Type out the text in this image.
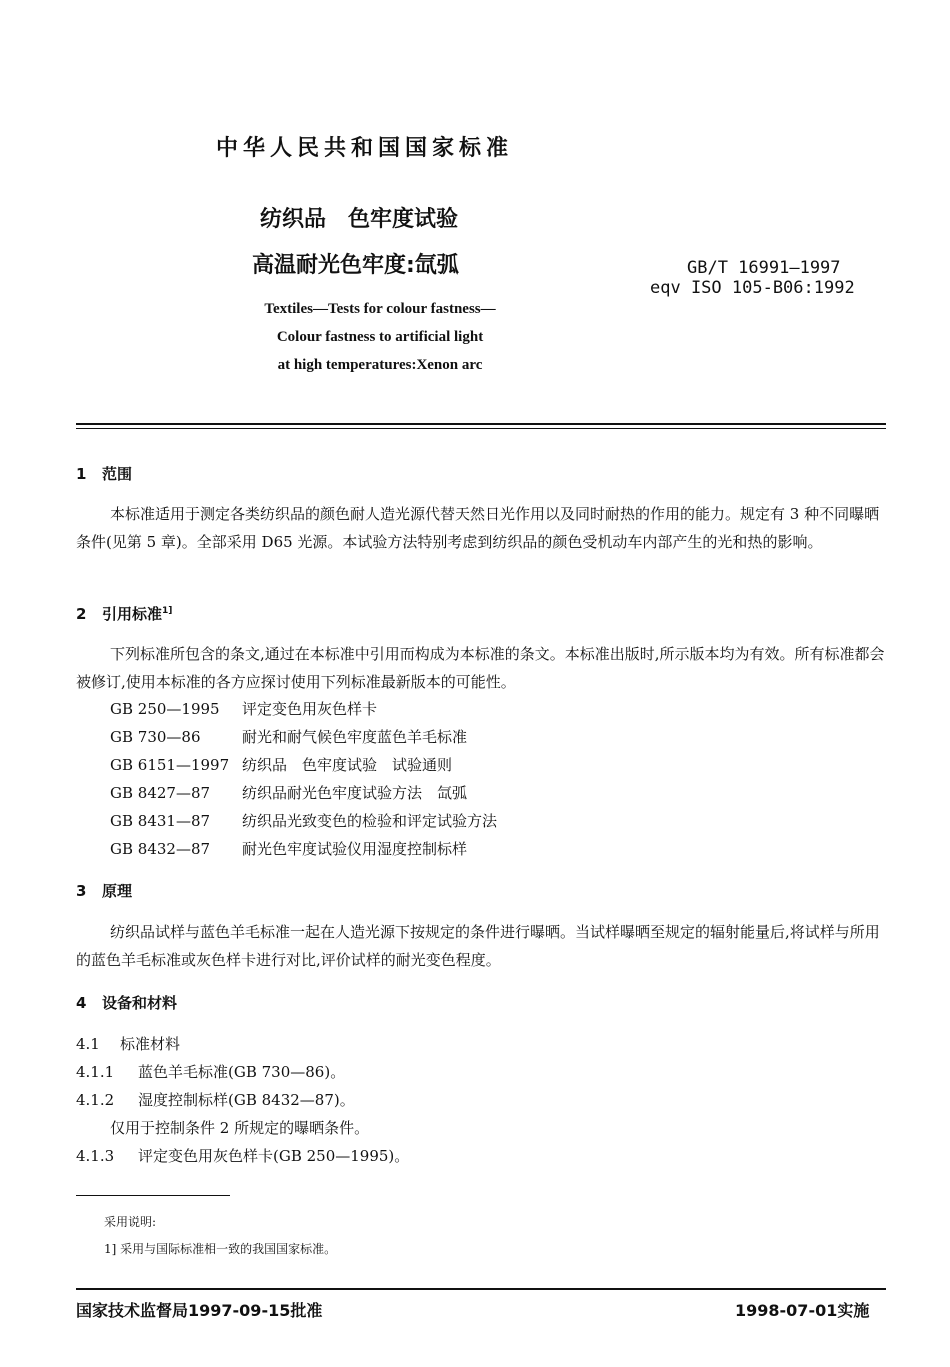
中华人民共和国国家标准
纺织品　色牢度试验
高温耐光色牢度:氙弧	GB/T 16991—1997
eqv ISO 105-B06:1992
Textiles—Tests for colour fastness—
Colour fastness to artificial light
at high temperatures:Xenon arc
1 范围
本标准适用于测定各类纺织品的颜色耐人造光源代替天然日光作用以及同时耐热的作用的能力。规定有 3 种不同曝晒条件(见第 5 章)。全部采用 D65 光源。本试验方法特别考虑到纺织品的颜色受机动车内部产生的光和热的影响。
2 引用标准$^{1]}$
下列标准所包含的条文,通过在本标准中引用而构成为本标准的条文。本标准出版时,所示版本均为有效。所有标准都会被修订,使用本标准的各方应探讨使用下列标准最新版本的可能性。
GB 250—1995 评定变色用灰色样卡
GB 730—86	耐光和耐气候色牢度蓝色羊毛标准
GB 6151—1997 纺织品　色牢度试验　试验通则
GB 8427—87 纺织品耐光色牢度试验方法　氙弧
GB 8431—87 纺织品光致变色的检验和评定试验方法
GB 8432—87 耐光色牢度试验仪用湿度控制标样
3 原理
纺织品试样与蓝色羊毛标准一起在人造光源下按规定的条件进行曝晒。当试样曝晒至规定的辐射能量后,将试样与所用的蓝色羊毛标准或灰色样卡进行对比,评价试样的耐光变色程度。
4 设备和材料
4.1 标准材料
4.1.1 蓝色羊毛标准(GB 730—86)。
4.1.2 湿度控制标样(GB 8432—87)。
仅用于控制条件 2 所规定的曝晒条件。
4.1.3 评定变色用灰色样卡(GB 250—1995)。
采用说明:
1] 采用与国际标准相一致的我国国家标准。
国家技术监督局1997-09-15批准	1998-07-01实施
